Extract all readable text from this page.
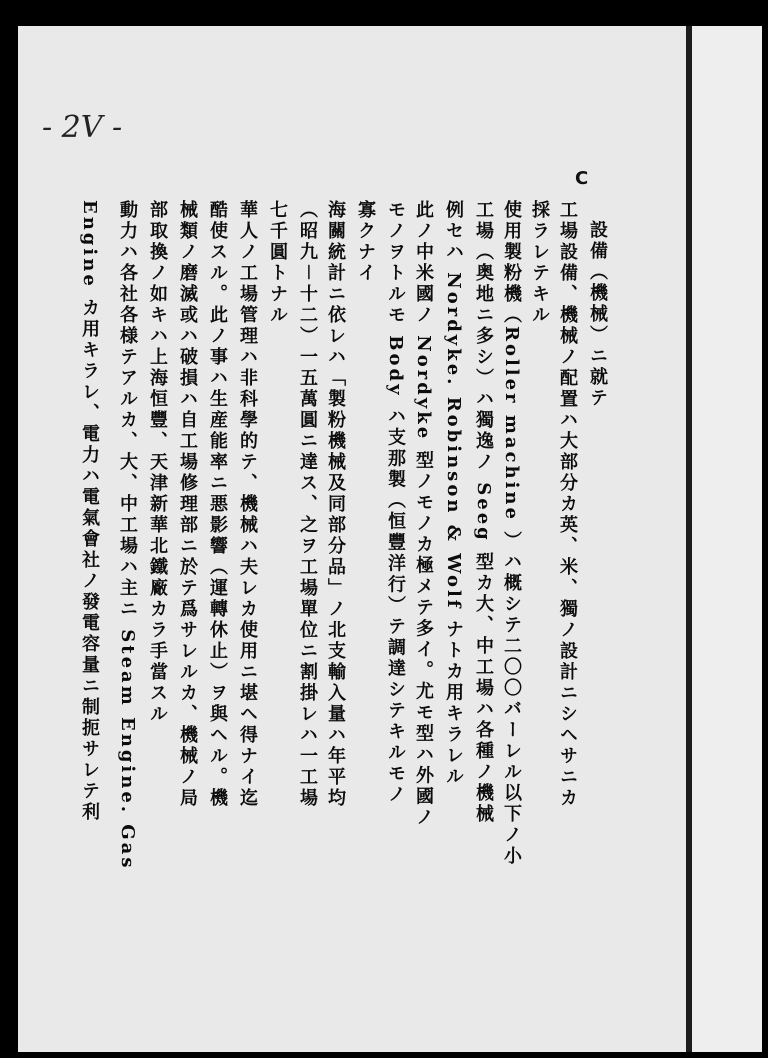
- 2V -
C
設備（機械）ニ就テ
工場設備、機械ノ配置ハ大部分カ英、米、獨ノ設計ニシヘサニカ
採ラレテキル
使用製粉機（Roller machine ）ハ概シテ二〇〇バーレル以下ノ小
工場（奥地ニ多シ）ハ獨逸ノ Seeg 型カ大、中工場ハ各種ノ機械
例セハ Nordyke. Robinson & Wolf ナトカ用キラレル
此ノ中米國ノ Nordyke 型ノモノカ極メテ多イ。尤モ型ハ外國ノ
モノヲトルモ Body ハ支那製（恒豐洋行）テ調達シテキルモノ
寡クナイ
海關統計ニ依レハ「製粉機械及同部分品」ノ北支輸入量ハ年平均
（昭九－十二）一五萬圓ニ達ス、之ヲ工場單位ニ割掛レハ一工場
七千圓トナル
華人ノ工場管理ハ非科學的テ、機械ハ夫レカ使用ニ堪ヘ得ナイ迄
酷使スル。此ノ事ハ生産能率ニ悪影響（運轉休止）ヲ與ヘル。機
械類ノ磨滅或ハ破損ハ自工場修理部ニ於テ爲サレルカ、機械ノ局
部取換ノ如キハ上海恒豐、天津新華北鐵廠カラ手當スル
動力ハ各社各様テアルカ、大、中工場ハ主ニ Steam Engine. Gas
Engine カ用キラレ、電力ハ電氣會社ノ發電容量ニ制扼サレテ利
